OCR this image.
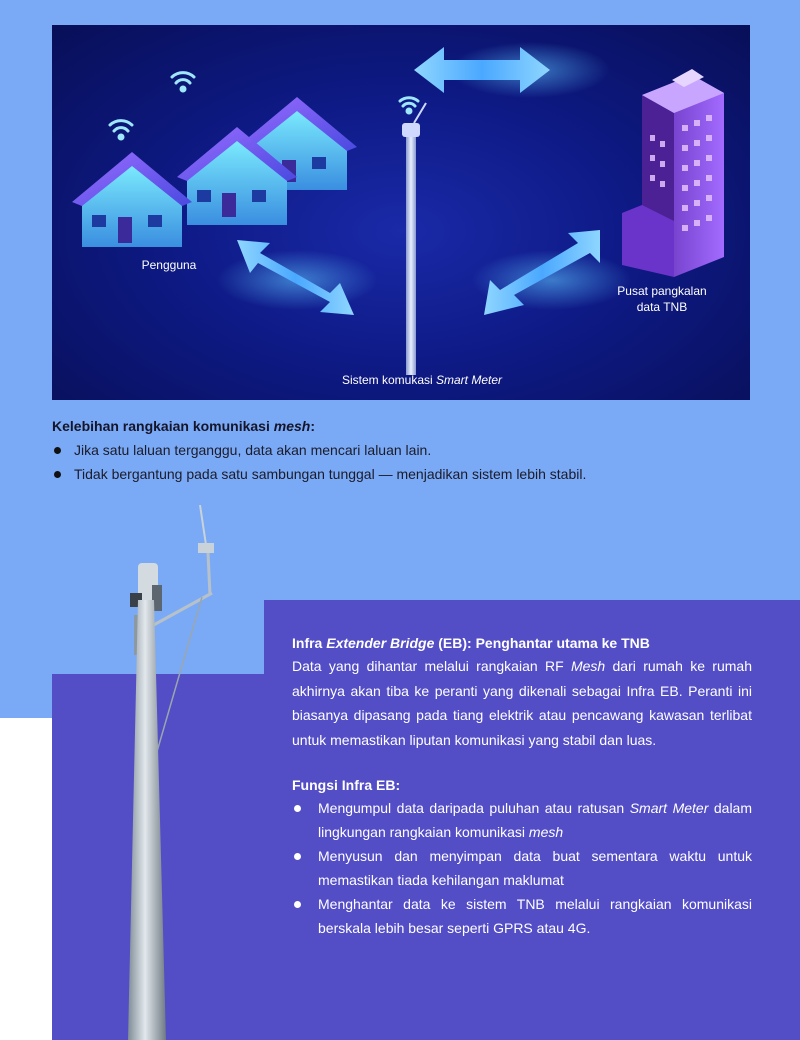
Pengguna
Pusat pangkalan data TNB
Sistem komukasi Smart Meter
Kelebihan rangkaian komunikasi mesh:
Jika satu laluan terganggu, data akan mencari laluan lain.
Tidak bergantung pada satu sambungan tunggal — menjadikan sistem lebih stabil.
Infra Extender Bridge (EB): Penghantar utama ke TNB

Data yang dihantar melalui rangkaian RF Mesh dari rumah ke rumah akhirnya akan tiba ke peranti yang dikenali sebagai Infra EB. Peranti ini biasanya dipasang pada tiang elektrik atau pencawang kawasan terlibat untuk memastikan liputan komunikasi yang stabil dan luas.

Fungsi Infra EB:
Mengumpul data daripada puluhan atau ratusan Smart Meter dalam lingkungan rangkaian komunikasi mesh
Menyusun dan menyimpan data buat sementara waktu untuk memastikan tiada kehilangan maklumat
Menghantar data ke sistem TNB melalui rangkaian komunikasi berskala lebih besar seperti GPRS atau 4G.
